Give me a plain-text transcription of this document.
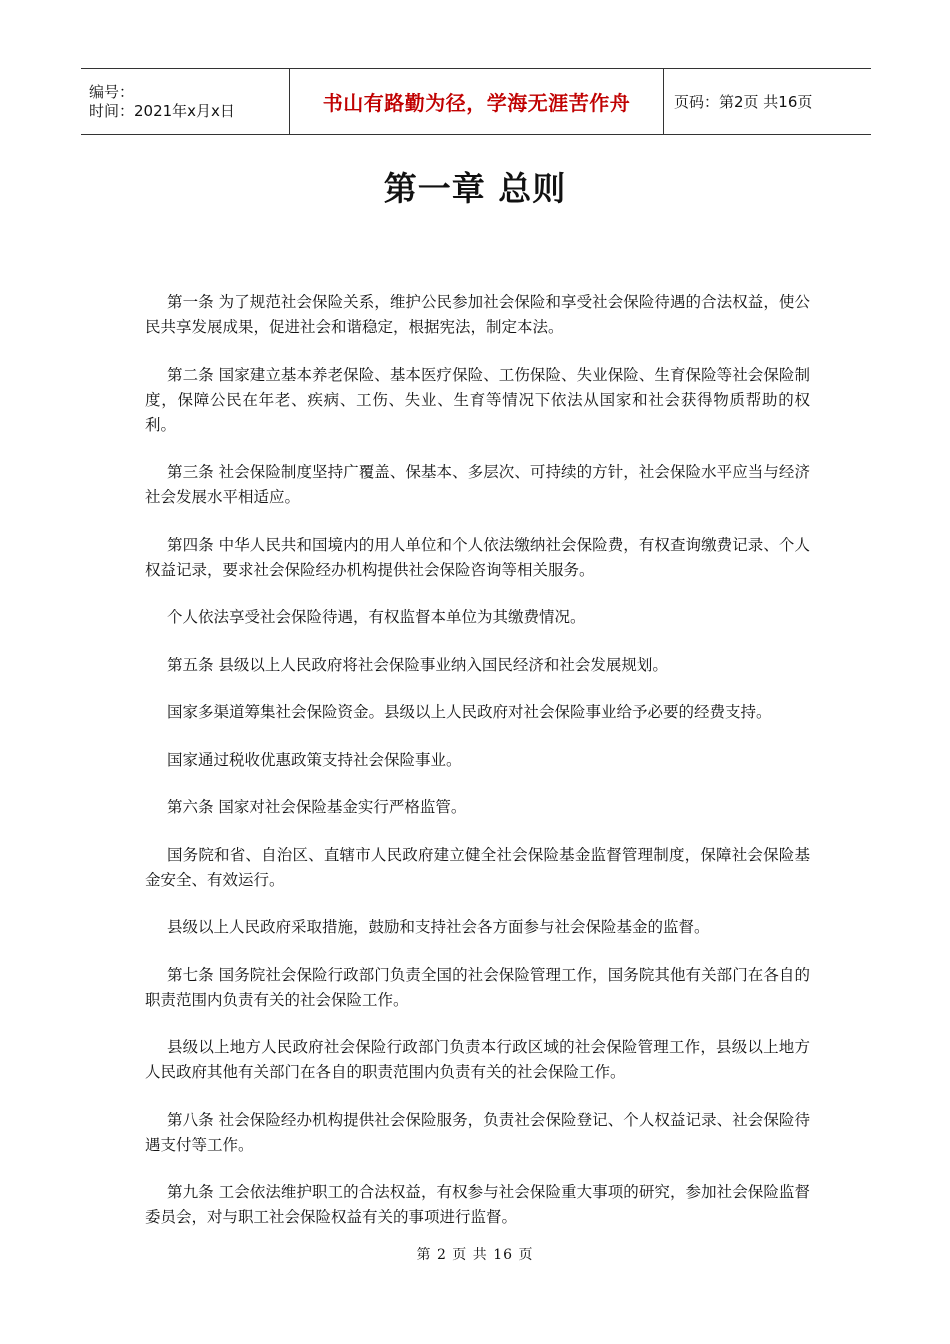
编号：
时间：2021年x月x日	书山有路勤为径，学海无涯苦作舟	页码：第2页 共16页
第一章 总则

第一条 为了规范社会保险关系，维护公民参加社会保险和享受社会保险待遇的合法权益，使公民共享发展成果，促进社会和谐稳定，根据宪法，制定本法。

第二条 国家建立基本养老保险、基本医疗保险、工伤保险、失业保险、生育保险等社会保险制度，保障公民在年老、疾病、工伤、失业、生育等情况下依法从国家和社会获得物质帮助的权利。

第三条 社会保险制度坚持广覆盖、保基本、多层次、可持续的方针，社会保险水平应当与经济社会发展水平相适应。

第四条 中华人民共和国境内的用人单位和个人依法缴纳社会保险费，有权查询缴费记录、个人权益记录，要求社会保险经办机构提供社会保险咨询等相关服务。

个人依法享受社会保险待遇，有权监督本单位为其缴费情况。

第五条 县级以上人民政府将社会保险事业纳入国民经济和社会发展规划。

国家多渠道筹集社会保险资金。县级以上人民政府对社会保险事业给予必要的经费支持。

国家通过税收优惠政策支持社会保险事业。

第六条 国家对社会保险基金实行严格监管。

国务院和省、自治区、直辖市人民政府建立健全社会保险基金监督管理制度，保障社会保险基金安全、有效运行。

县级以上人民政府采取措施，鼓励和支持社会各方面参与社会保险基金的监督。

第七条 国务院社会保险行政部门负责全国的社会保险管理工作，国务院其他有关部门在各自的职责范围内负责有关的社会保险工作。

县级以上地方人民政府社会保险行政部门负责本行政区域的社会保险管理工作，县级以上地方人民政府其他有关部门在各自的职责范围内负责有关的社会保险工作。

第八条 社会保险经办机构提供社会保险服务，负责社会保险登记、个人权益记录、社会保险待遇支付等工作。

第九条 工会依法维护职工的合法权益，有权参与社会保险重大事项的研究，参加社会保险监督委员会，对与职工社会保险权益有关的事项进行监督。

第 2 页 共 16 页
